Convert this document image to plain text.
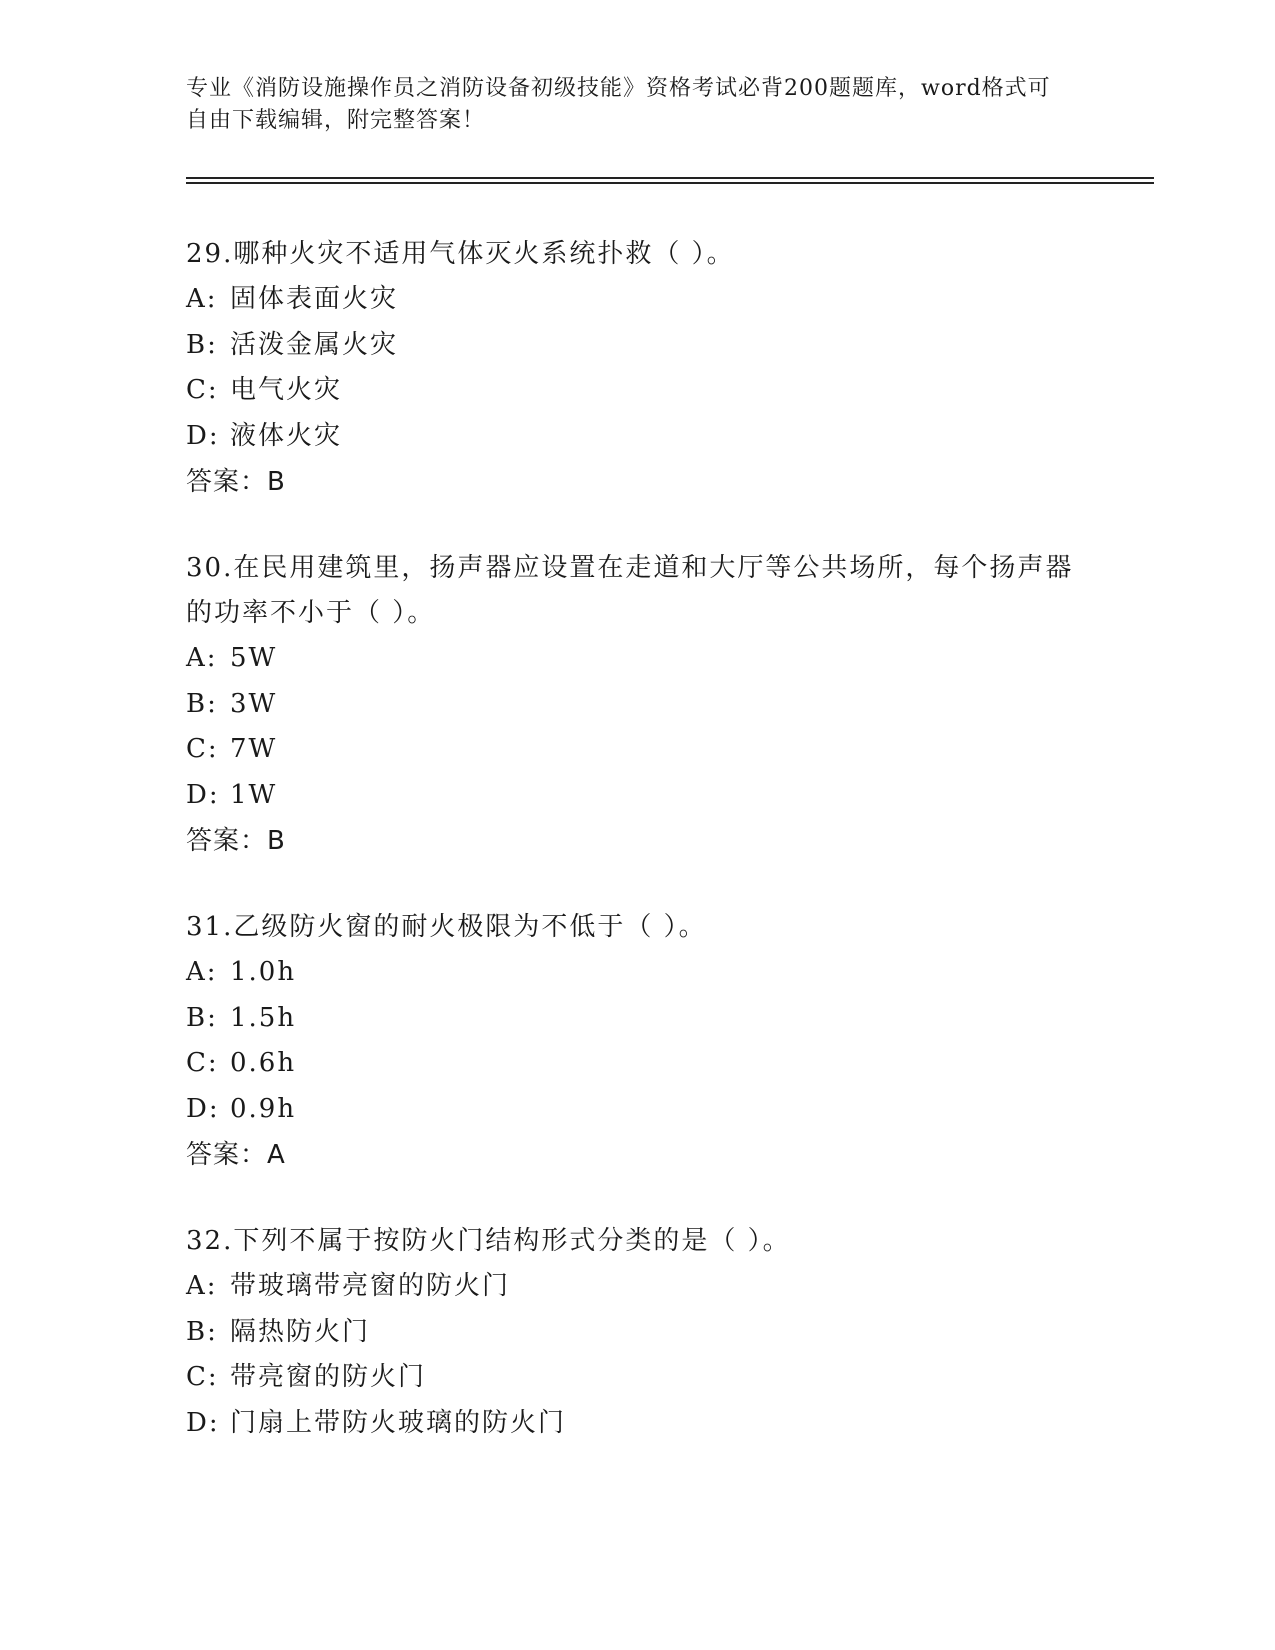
专业《消防设施操作员之消防设备初级技能》资格考试必背200题题库，word格式可自由下载编辑，附完整答案！

29.哪种火灾不适用气体灭火系统扑救（ ）。

A: 固体表面火灾
B: 活泼金属火灾
C: 电气火灾
D: 液体火灾
答案：B

30.在民用建筑里，扬声器应设置在走道和大厅等公共场所，每个扬声器的功率不小于（ ）。

A: 5W
B: 3W
C: 7W
D: 1W
答案：B

31.乙级防火窗的耐火极限为不低于（ ）。

A: 1.0h
B: 1.5h
C: 0.6h
D: 0.9h
答案：A

32.下列不属于按防火门结构形式分类的是（ ）。

A: 带玻璃带亮窗的防火门
B: 隔热防火门
C: 带亮窗的防火门
D: 门扇上带防火玻璃的防火门
